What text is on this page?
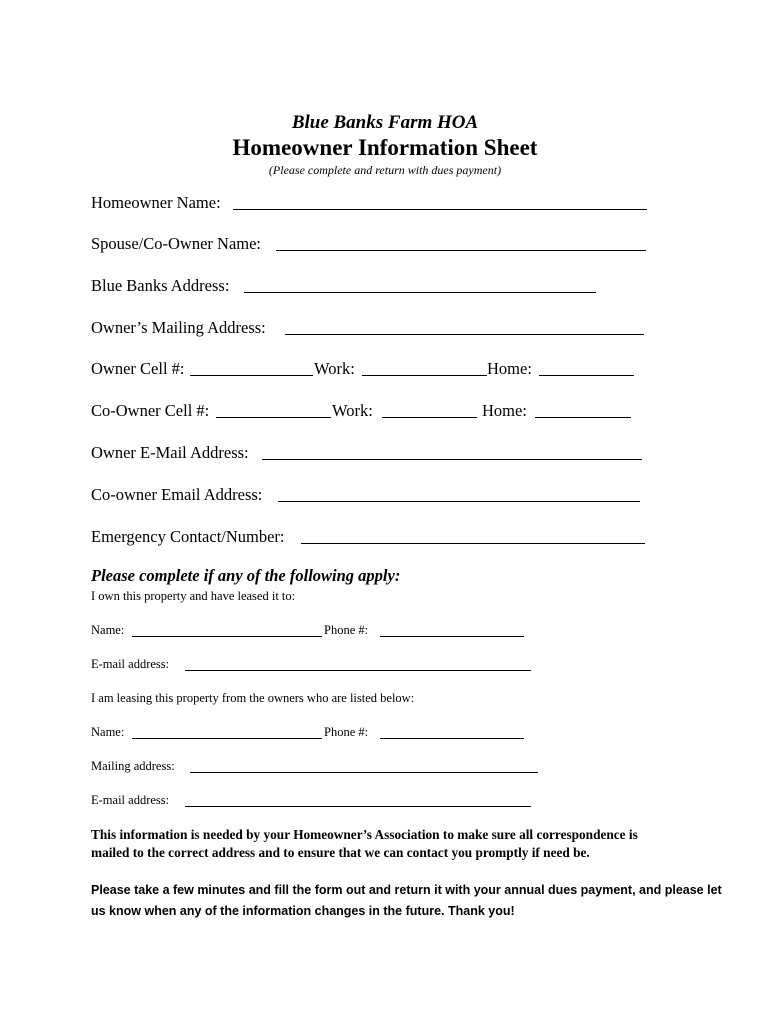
Blue Banks Farm HOA
Homeowner Information Sheet
(Please complete and return with dues payment)
Homeowner Name:
Spouse/Co-Owner Name:
Blue Banks Address:
Owner’s Mailing Address:
Owner Cell #:	Work:	Home:
Co-Owner Cell #:	Work:	Home:
Owner E-Mail Address:
Co-owner Email Address:
Emergency Contact/Number:
Please complete if any of the following apply:
I own this property and have leased it to:
Name:	Phone #:
E-mail address:
I am leasing this property from the owners who are listed below:
Name:	Phone #:
Mailing address:
E-mail address:
This information is needed by your Homeowner’s Association to make sure all correspondence is mailed to the correct address and to ensure that we can contact you promptly if need be.
Please take a few minutes and fill the form out and return it with your annual dues payment, and please let us know when any of the information changes in the future. Thank you!
